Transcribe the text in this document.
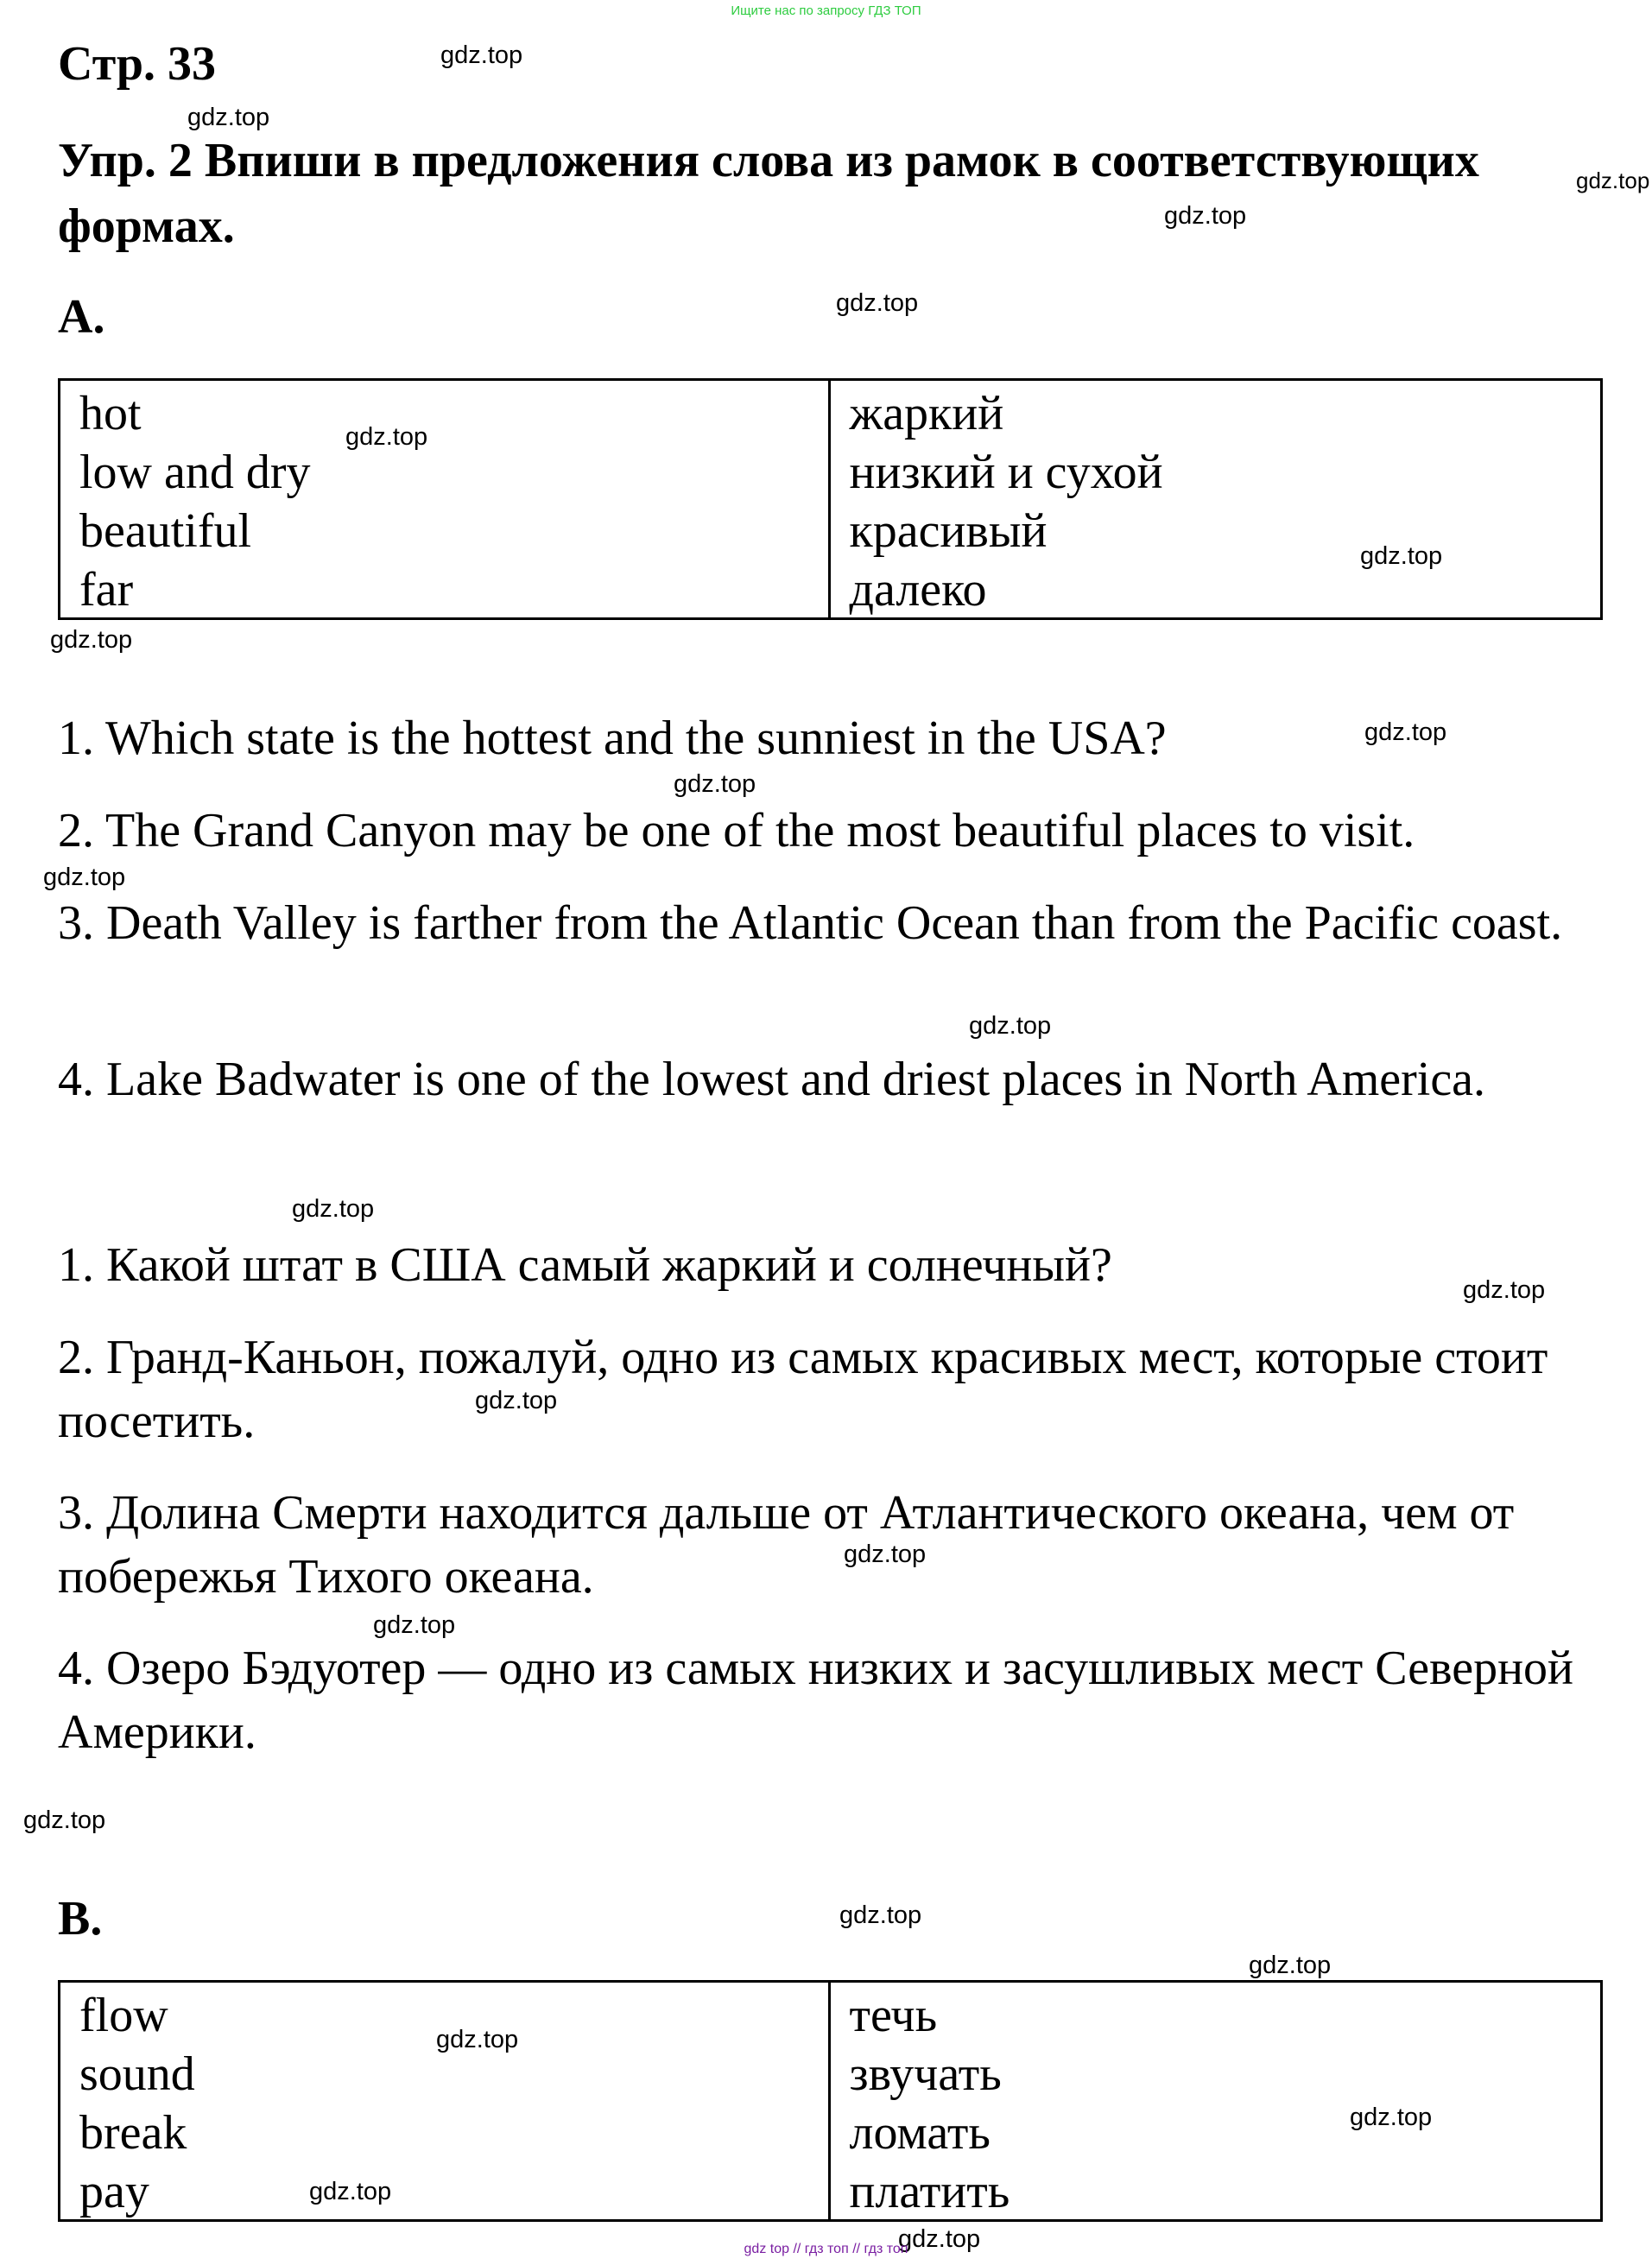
Ищите нас по запросу ГДЗ ТОП
Стр. 33
Упр. 2 Впиши в предложения слова из рамок в соответствующих формах.
A.
hot
low and dry
beautiful
far
жаркий
низкий и сухой
красивый
далеко
1. Which state is the hottest and the sunniest in the USA?
2. The Grand Canyon may be one of the most beautiful places to visit.
3. Death Valley is farther from the Atlantic Ocean than from the Pacific coast.
4. Lake Badwater is one of the lowest and driest places in North America.
1. Какой штат в США самый жаркий и солнечный?
2. Гранд-Каньон, пожалуй, одно из самых красивых мест, которые стоит посетить.
3. Долина Смерти находится дальше от Атлантического океана, чем от побережья Тихого океана.
4. Озеро Бэдуотер — одно из самых низких и засушливых мест Северной Америки.
B.
flow
sound
break
pay
течь
звучать
ломать
платить
gdz.top
gdz.top
gdz.top
gdz.top
gdz.top
gdz.top
gdz.top
gdz.top
gdz.top
gdz.top
gdz.top
gdz.top
gdz.top
gdz.top
gdz.top
gdz.top
gdz.top
gdz.top
gdz.top
gdz.top
gdz.top
gdz.top
gdz.top
gdz.top
gdz top // гдз топ // гдз топ
